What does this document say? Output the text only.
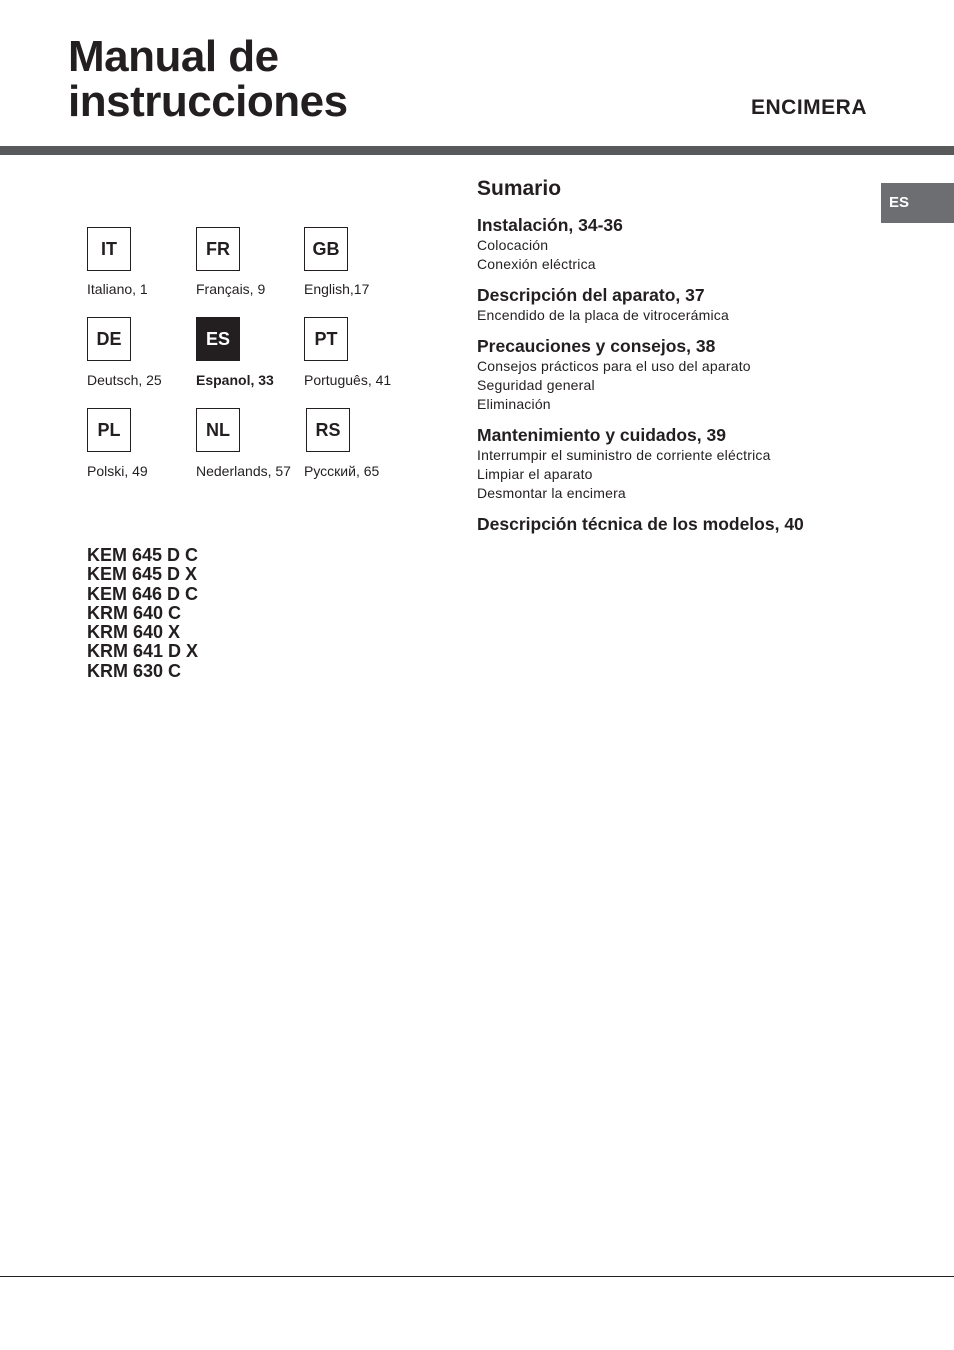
Manual de
instrucciones	ENCIMERA
ES
IT
Italiano, 1
FR
Français, 9
GB
English,17
DE
Deutsch, 25
ES
Espanol, 33
PT
Português, 41
PL
Polski, 49
NL
Nederlands, 57
RS
Русский, 65
KEM 645 D C
KEM 645 D X
KEM 646 D C
KRM 640 C
KRM 640 X
KRM 641 D X
KRM 630 C
Sumario
Instalación, 34-36

Colocación

Conexión eléctrica

Descripción del aparato, 37

Encendido de la placa de vitrocerámica

Precauciones y consejos, 38

Consejos prácticos para el uso del aparato

Seguridad general

Eliminación

Mantenimiento y cuidados, 39

Interrumpir el suministro de corriente eléctrica

Limpiar el aparato

Desmontar la encimera

Descripción técnica de los modelos, 40
